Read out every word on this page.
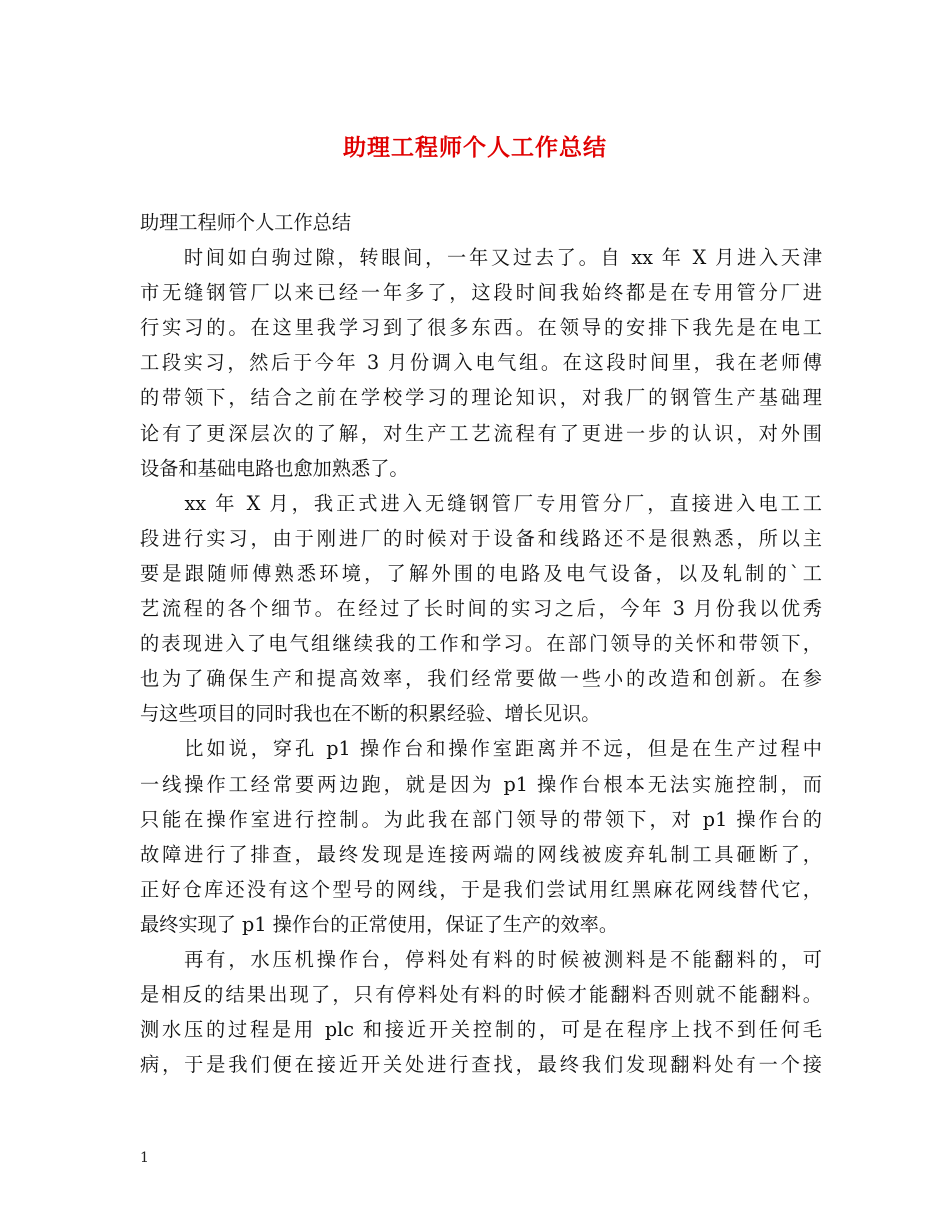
助理工程师个人工作总结
助理工程师个人工作总结
　　时间如白驹过隙，转眼间，一年又过去了。自 xx 年 X 月进入天津
市无缝钢管厂以来已经一年多了，这段时间我始终都是在专用管分厂进
行实习的。在这里我学习到了很多东西。在领导的安排下我先是在电工
工段实习，然后于今年 3 月份调入电气组。在这段时间里，我在老师傅
的带领下，结合之前在学校学习的理论知识，对我厂的钢管生产基础理
论有了更深层次的了解，对生产工艺流程有了更进一步的认识，对外围
设备和基础电路也愈加熟悉了。
　　xx 年 X 月，我正式进入无缝钢管厂专用管分厂，直接进入电工工
段进行实习，由于刚进厂的时候对于设备和线路还不是很熟悉，所以主
要是跟随师傅熟悉环境，了解外围的电路及电气设备，以及轧制的`工
艺流程的各个细节。在经过了长时间的实习之后，今年 3 月份我以优秀
的表现进入了电气组继续我的工作和学习。在部门领导的关怀和带领下，
也为了确保生产和提高效率，我们经常要做一些小的改造和创新。在参
与这些项目的同时我也在不断的积累经验、增长见识。
　　比如说，穿孔 p1 操作台和操作室距离并不远，但是在生产过程中
一线操作工经常要两边跑，就是因为 p1 操作台根本无法实施控制，而
只能在操作室进行控制。为此我在部门领导的带领下，对 p1 操作台的
故障进行了排查，最终发现是连接两端的网线被废弃轧制工具砸断了，
正好仓库还没有这个型号的网线，于是我们尝试用红黑麻花网线替代它，
最终实现了 p1 操作台的正常使用，保证了生产的效率。
　　再有，水压机操作台，停料处有料的时候被测料是不能翻料的，可
是相反的结果出现了，只有停料处有料的时候才能翻料否则就不能翻料。
测水压的过程是用 plc 和接近开关控制的，可是在程序上找不到任何毛
病，于是我们便在接近开关处进行查找，最终我们发现翻料处有一个接
1
